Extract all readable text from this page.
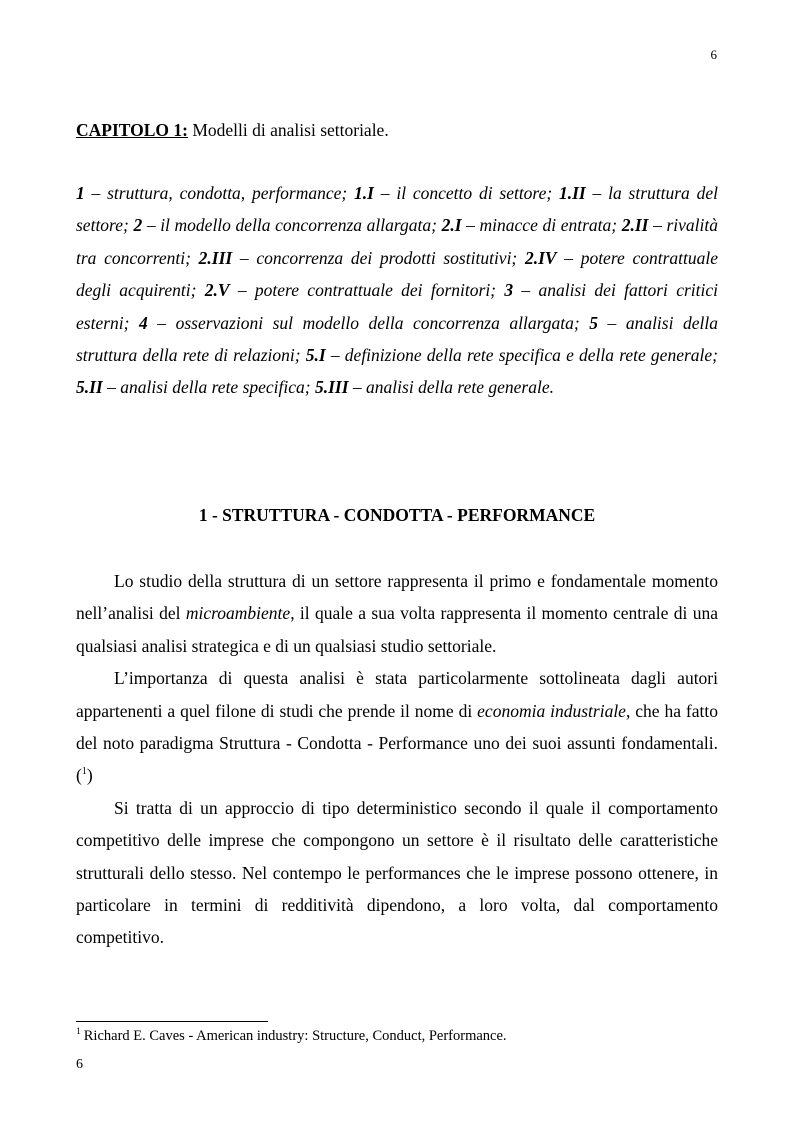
6
CAPITOLO 1: Modelli di analisi settoriale.
1 – struttura, condotta, performance; 1.I – il concetto di settore; 1.II – la struttura del settore; 2 – il modello della concorrenza allargata; 2.I – minacce di entrata; 2.II – rivalità tra concorrenti; 2.III – concorrenza dei prodotti sostitutivi; 2.IV – potere contrattuale degli acquirenti; 2.V – potere contrattuale dei fornitori; 3 – analisi dei fattori critici esterni; 4 – osservazioni sul modello della concorrenza allargata; 5 – analisi della struttura della rete di relazioni; 5.I – definizione della rete specifica e della rete generale; 5.II – analisi della rete specifica; 5.III – analisi della rete generale.
1 - STRUTTURA - CONDOTTA - PERFORMANCE

Lo studio della struttura di un settore rappresenta il primo e fondamentale momento nell’analisi del microambiente, il quale a sua volta rappresenta il momento centrale di una qualsiasi analisi strategica e di un qualsiasi studio settoriale.

L’importanza di questa analisi è stata particolarmente sottolineata dagli autori appartenenti a quel filone di studi che prende il nome di economia industriale, che ha fatto del noto paradigma Struttura - Condotta - Performance uno dei suoi assunti fondamentali.($^1$)

Si tratta di un approccio di tipo deterministico secondo il quale il comportamento competitivo delle imprese che compongono un settore è il risultato delle caratteristiche strutturali dello stesso. Nel contempo le performances che le imprese possono ottenere, in particolare in termini di redditività dipendono, a loro volta, dal comportamento competitivo.

$^1$ Richard E. Caves - American industry: Structure, Conduct, Performance.
6
